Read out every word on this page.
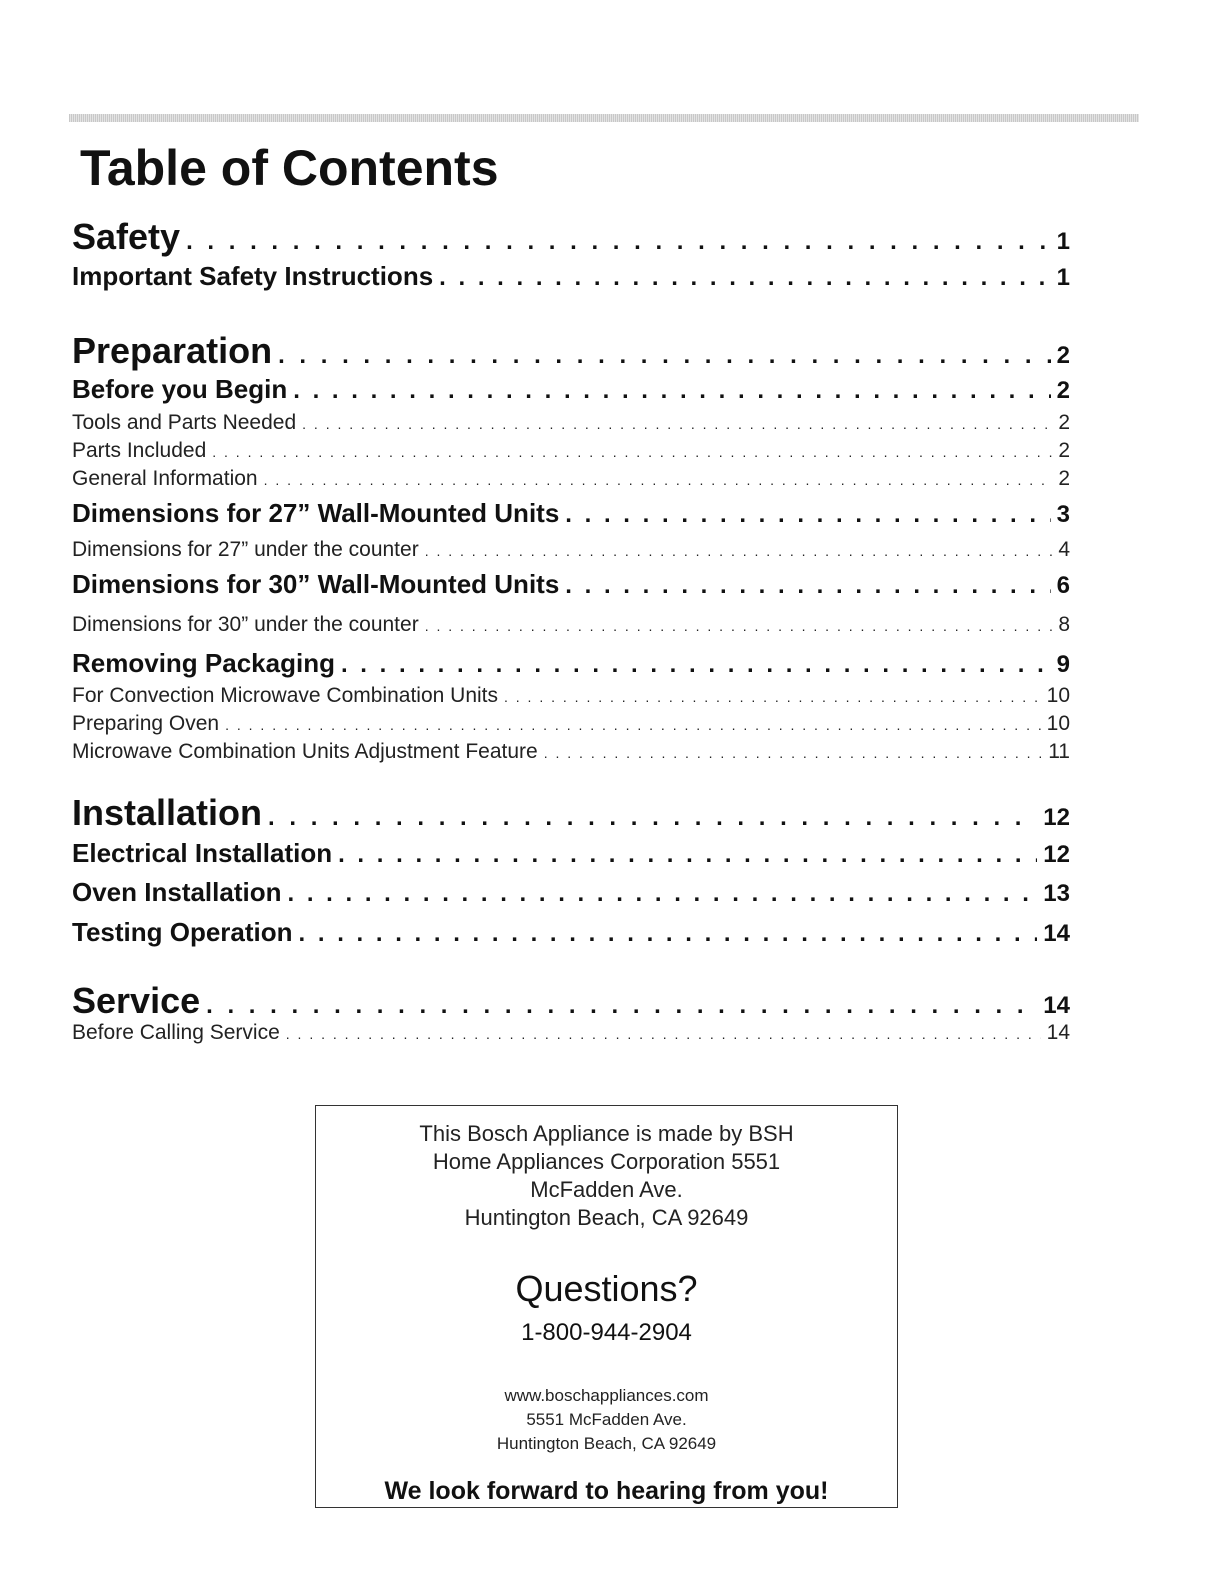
Table of Contents
Safety . . .	1
Important Safety Instructions . . .	1
Preparation . . .	2
Before you Begin . . .	2
Tools and Parts Needed . . .	2
Parts Included . . .	2
General Information . . .	2
Dimensions for 27” Wall-Mounted Units . . .	3
Dimensions for 27” under the counter . . .	4
Dimensions for 30” Wall-Mounted Units . . .	6
Dimensions for 30” under the counter . . .	8
Removing Packaging . . .	9
For Convection Microwave Combination Units . . .	10
Preparing Oven . . .	10
Microwave Combination Units Adjustment Feature . . .	11
Installation . . .	12
Electrical Installation . . .	12
Oven Installation . . .	13
Testing Operation . . .	14
Service . . .	14
Before Calling Service . . .	14
This Bosch Appliance is made by BSH
Home Appliances Corporation 5551
McFadden Ave.
Huntington Beach, CA 92649
Questions?
1-800-944-2904
www.boschappliances.com
5551 McFadden Ave.
Huntington Beach, CA 92649
We look forward to hearing from you!
